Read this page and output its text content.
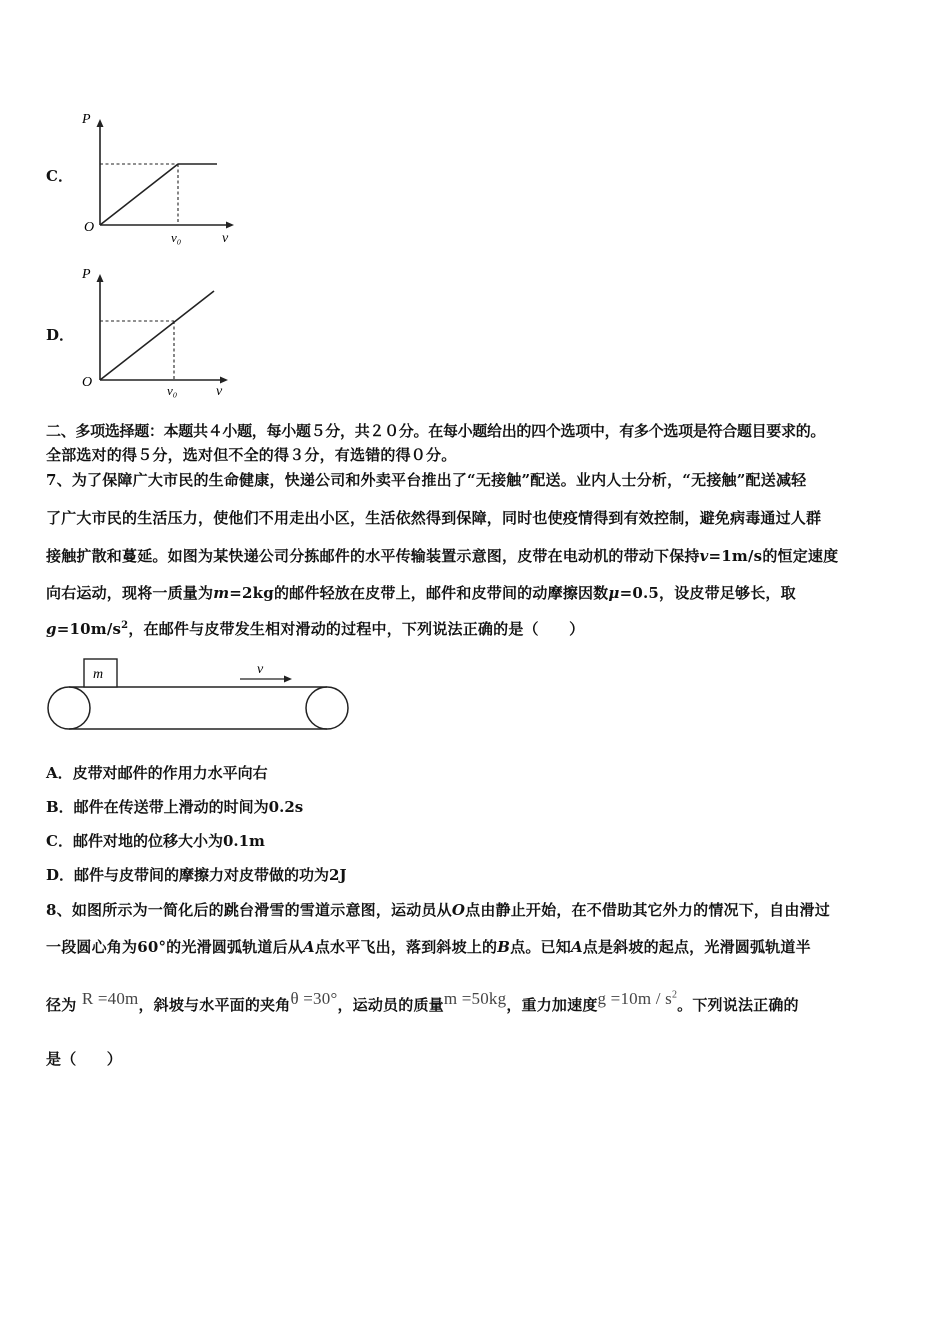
C．
P
O
v₀	v
D．
P
O
v₀	v
二、多项选择题：本题共４小题，每小题５分，共２０分。在每小题给出的四个选项中，有多个选项是符合题目要求的。
全部选对的得５分，选对但不全的得３分，有选错的得０分。
7、为了保障广大市民的生命健康，快递公司和外卖平台推出了“无接触”配送。业内人士分析，“无接触”配送减轻
了广大市民的生活压力，使他们不用走出小区，生活依然得到保障，同时也使疫情得到有效控制，避免病毒通过人群
接触扩散和蔓延。如图为某快递公司分拣邮件的水平传输装置示意图，皮带在电动机的带动下保持v=1m/s的恒定速度
向右运动，现将一质量为m=2kg的邮件轻放在皮带上，邮件和皮带间的动摩擦因数μ=0.5，设皮带足够长，取
$g=10m/s^2$，在邮件与皮带发生相对滑动的过程中，下列说法正确的是（　　）
m	v
A．皮带对邮件的作用力水平向右
B．邮件在传送带上滑动的时间为0.2s
C．邮件对地的位移大小为0.1m
D．邮件与皮带间的摩擦力对皮带做的功为2J
8、如图所示为一简化后的跳台滑雪的雪道示意图，运动员从O点由静止开始，在不借助其它外力的情况下，自由滑过
一段圆心角为60°的光滑圆弧轨道后从A点水平飞出，落到斜坡上的B点。已知A点是斜坡的起点，光滑圆弧轨道半
径为 R =40m，斜坡与水平面的夹角θ =30°，运动员的质量m =50kg，重力加速度$g =10m / s^2$。下列说法正确的
是（　　）
